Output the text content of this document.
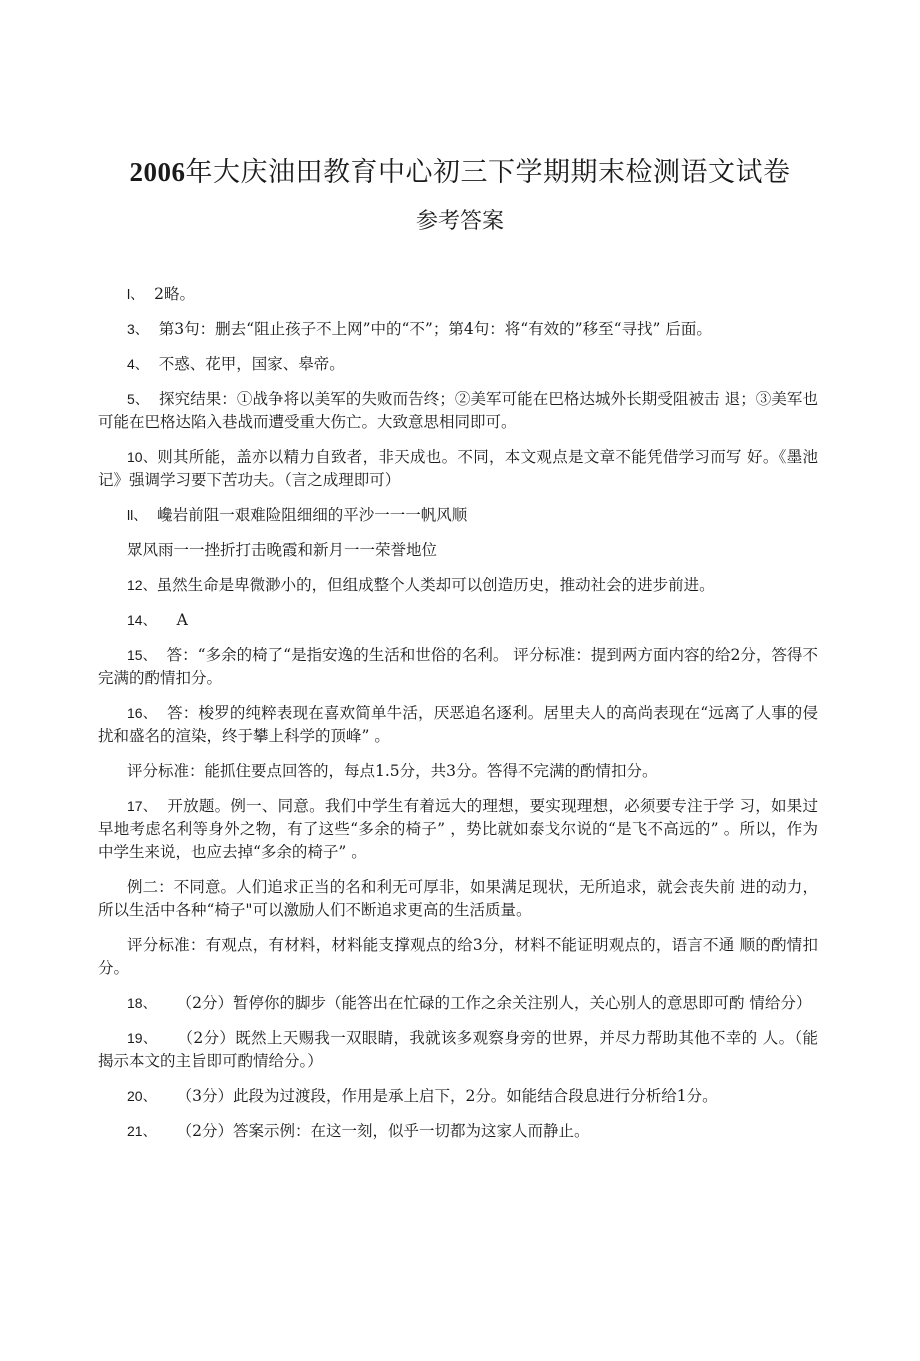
2006年大庆油田教育中心初三下学期期末检测语文试卷
参考答案

l、 2略。

3、 第3句：删去“阻止孩子不上网”中的“不”；第4句：将“有效的”移至“寻找” 后面。

4、 不惑、花甲，国家、皋帝。

5、 探究结果：①战争将以美军的失败而告终；②美军可能在巴格达城外长期受阻被击 退；③美军也可能在巴格达陷入巷战而遭受重大伤亡。大致意思相同即可。

10、则其所能，盖亦以精力自致者，非天成也。不同，本文观点是文章不能凭借学习而写 好。《墨池记》强调学习要下苦功夫。（言之成理即可）

ll、 巉岩前阻一艰难险阻细细的平沙一一一帆风顺

眾风雨一一挫折打击晚霞和新月一一荣誉地位

12、虽然生命是卑微渺小的，但组成整个人类却可以创造历史，推动社会的进步前进。

14、 A

15、 答：“多余的椅了“是指安逸的生活和世俗的名利。 评分标准：提到两方面内容的给2分，答得不完满的酌情扣分。

16、 答：梭罗的纯粹表现在喜欢简单牛活，厌恶追名逐利。居里夫人的高尚表现在“远离了人事的侵扰和盛名的渲染，终于攀上科学的顶峰” 。

评分标准：能抓住要点回答的，每点1.5分，共3分。答得不完满的酌情扣分。

17、 开放题。例一、同意。我们中学生有着远大的理想，要实现理想，必须要专注于学 习，如果过早地考虑名利等身外之物，有了这些“多余的椅子” ，势比就如泰戈尔说的“是飞不高远的” 。所以，作为中学生来说，也应去掉“多余的椅子” 。

例二：不同意。人们追求正当的名和利无可厚非，如果满足现状，无所追求，就会丧失前 进的动力，所以生活中各种“椅子"可以激励人们不断追求更高的生活质量。

评分标准：有观点，有材料，材料能支撑观点的给3分，材料不能证明观点的，语言不通 顺的酌情扣分。

18、 （2分）暂停你的脚步（能答出在忙碌的工作之余关注别人，关心别人的意思即可酌 情给分）

19、 （2分）既然上天赐我一双眼睛，我就该多观察身旁的世界，并尽力帮助其他不幸的 人。（能揭示本文的主旨即可酌情给分。）

20、 （3分）此段为过渡段，作用是承上启下，2分。如能结合段息进行分析给1分。

21、 （2分）答案示例：在这一刻，似乎一切都为这家人而静止。
